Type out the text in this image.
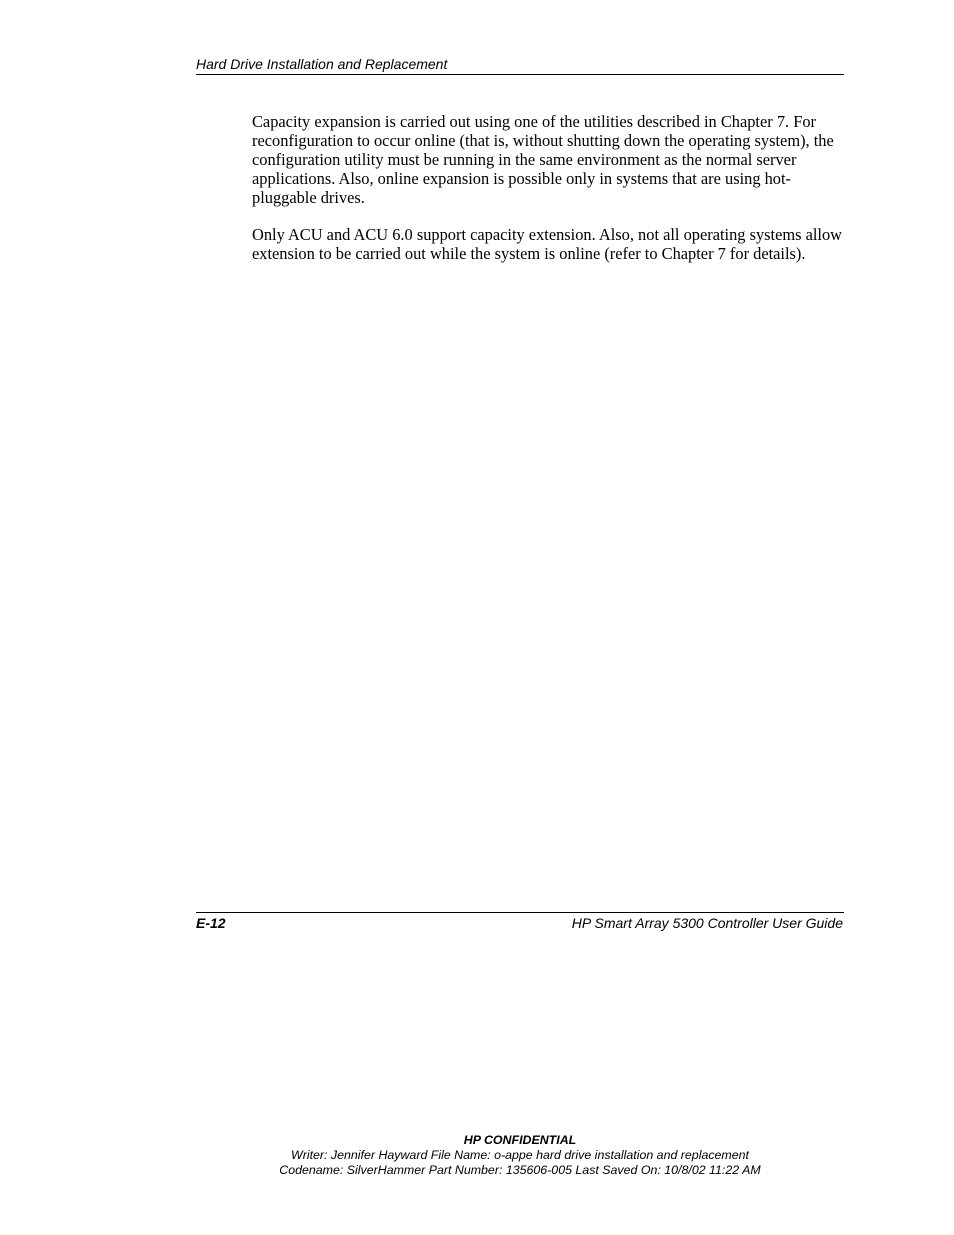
Hard Drive Installation and Replacement

Capacity expansion is carried out using one of the utilities described in Chapter 7. For reconfiguration to occur online (that is, without shutting down the operating system), the configuration utility must be running in the same environment as the normal server applications. Also, online expansion is possible only in systems that are using hot-pluggable drives.

Only ACU and ACU 6.0 support capacity extension. Also, not all operating systems allow extension to be carried out while the system is online (refer to Chapter 7 for details).

E-12	HP Smart Array 5300 Controller User Guide
HP CONFIDENTIAL
Writer: Jennifer Hayward File Name: o-appe hard drive installation and replacement
Codename: SilverHammer Part Number: 135606-005 Last Saved On: 10/8/02 11:22 AM
